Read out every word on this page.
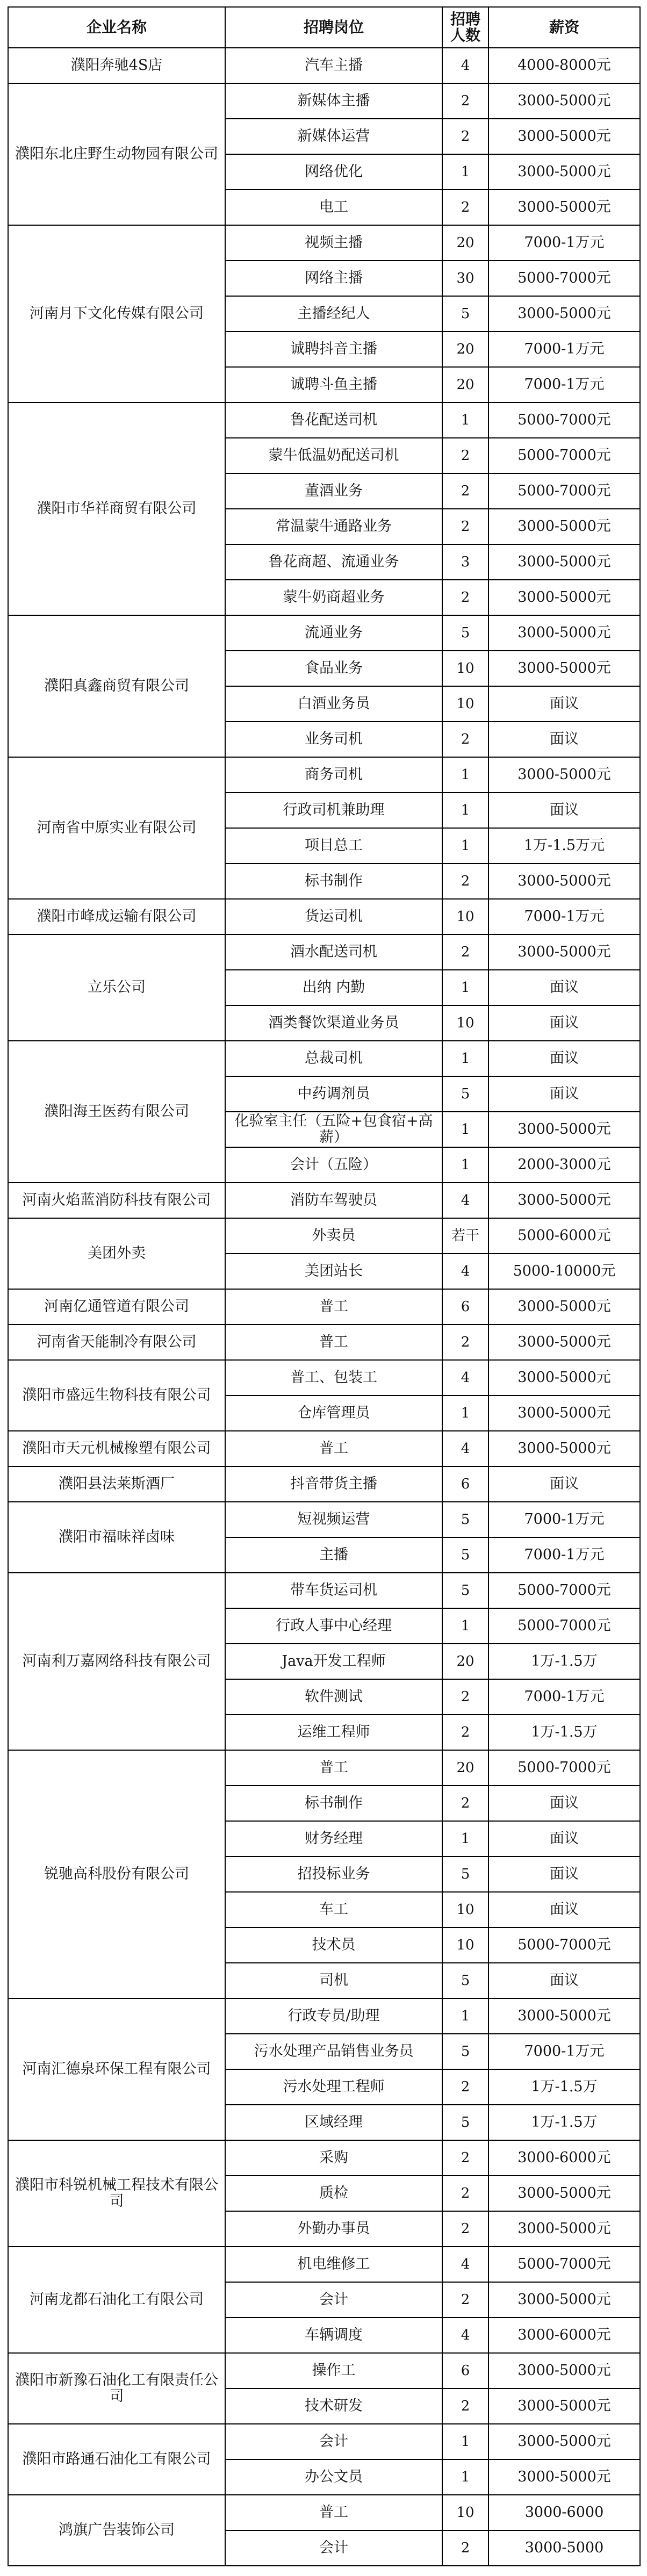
企业名称	招聘岗位	招聘人数	薪资
濮阳奔驰4S店	汽车主播	4	4000-8000元
濮阳东北庄野生动物园有限公司	新媒体主播	2	3000-5000元
	新媒体运营	2	3000-5000元
	网络优化	1	3000-5000元
	电工	2	3000-5000元
河南月下文化传媒有限公司	视频主播	20	7000-1万元
	网络主播	30	5000-7000元
	主播经纪人	5	3000-5000元
	诚聘抖音主播	20	7000-1万元
	诚聘斗鱼主播	20	7000-1万元
濮阳市华祥商贸有限公司	鲁花配送司机	1	5000-7000元
	蒙牛低温奶配送司机	2	5000-7000元
	董酒业务	2	5000-7000元
	常温蒙牛通路业务	2	3000-5000元
	鲁花商超、流通业务	3	3000-5000元
	蒙牛奶商超业务	2	3000-5000元
濮阳真鑫商贸有限公司	流通业务	5	3000-5000元
	食品业务	10	3000-5000元
	白酒业务员	10	面议
	业务司机	2	面议
河南省中原实业有限公司	商务司机	1	3000-5000元
	行政司机兼助理	1	面议
	项目总工	1	1万-1.5万元
	标书制作	2	3000-5000元
濮阳市峰成运输有限公司	货运司机	10	7000-1万元
立乐公司	酒水配送司机	2	3000-5000元
	出纳 内勤	1	面议
	酒类餐饮渠道业务员	10	面议
濮阳海王医药有限公司	总裁司机	1	面议
	中药调剂员	5	面议
	化验室主任（五险+包食宿+高薪）	1	3000-5000元
	会计（五险）	1	2000-3000元
河南火焰蓝消防科技有限公司	消防车驾驶员	4	3000-5000元
美团外卖	外卖员	若干	5000-6000元
	美团站长	4	5000-10000元
河南亿通管道有限公司	普工	6	3000-5000元
河南省天能制冷有限公司	普工	2	3000-5000元
濮阳市盛远生物科技有限公司	普工、包装工	4	3000-5000元
	仓库管理员	1	3000-5000元
濮阳市天元机械橡塑有限公司	普工	4	3000-5000元
濮阳县法莱斯酒厂	抖音带货主播	6	面议
濮阳市福味祥卤味	短视频运营	5	7000-1万元
	主播	5	7000-1万元
河南利万嘉网络科技有限公司	带车货运司机	5	5000-7000元
	行政人事中心经理	1	5000-7000元
	Java开发工程师	20	1万-1.5万
	软件测试	2	7000-1万元
	运维工程师	2	1万-1.5万
锐驰高科股份有限公司	普工	20	5000-7000元
	标书制作	2	面议
	财务经理	1	面议
	招投标业务	5	面议
	车工	10	面议
	技术员	10	5000-7000元
	司机	5	面议
河南汇德泉环保工程有限公司	行政专员/助理	1	3000-5000元
	污水处理产品销售业务员	5	7000-1万元
	污水处理工程师	2	1万-1.5万
	区域经理	5	1万-1.5万
濮阳市科锐机械工程技术有限公司	采购	2	3000-6000元
	质检	2	3000-5000元
	外勤办事员	2	3000-5000元
河南龙都石油化工有限公司	机电维修工	4	5000-7000元
	会计	2	3000-5000元
	车辆调度	4	3000-6000元
濮阳市新豫石油化工有限责任公司	操作工	6	3000-5000元
	技术研发	2	3000-5000元
濮阳市路通石油化工有限公司	会计	1	3000-5000元
	办公文员	1	3000-5000元
鸿旗广告装饰公司	普工	10	3000-6000
	会计	2	3000-5000
